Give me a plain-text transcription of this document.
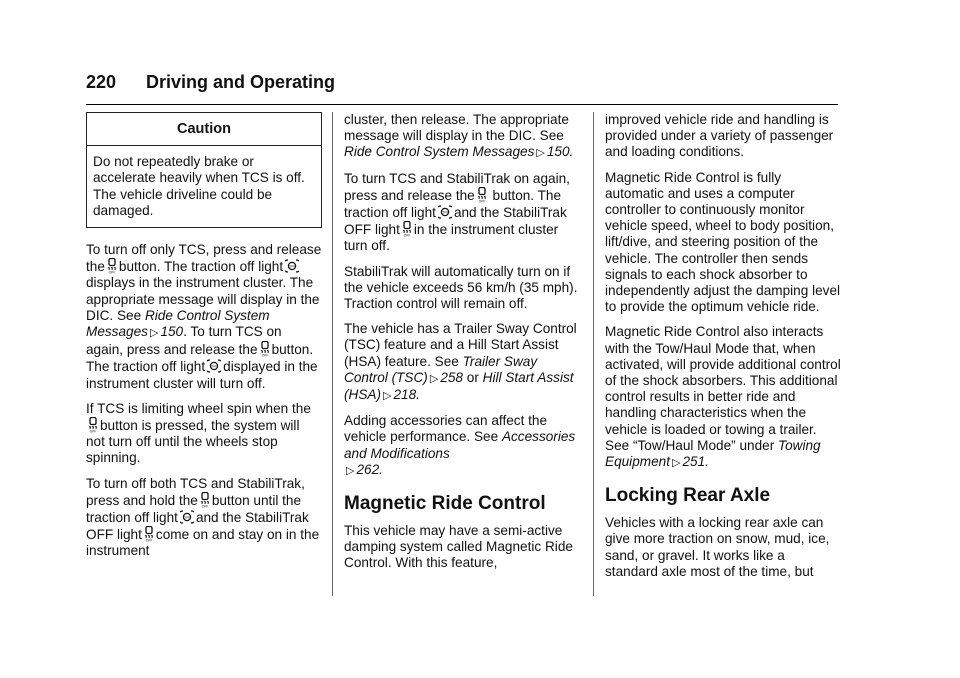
220 Driving and Operating
Caution
Do not repeatedly brake or accelerate heavily when TCS is off. The vehicle driveline could be damaged.

To turn off only TCS, press and release the OFF button. The traction off light OFF
displays in the instrument cluster. The appropriate message will display in the DIC. See Ride Control System Messages ▷ 150. To turn TCS on again, press and release the OFF button. The traction off light OFF displayed in the instrument cluster will turn off.

If TCS is limiting wheel spin when the
OFF button is pressed, the system will not turn off until the wheels stop spinning.

To turn off both TCS and StabiliTrak, press and hold the OFF button until the traction off light OFF and the StabiliTrak OFF light OFF come on and stay on in the instrument

cluster, then release. The appropriate message will display in the DIC. See Ride Control System Messages ▷ 150.

To turn TCS and StabiliTrak on again, press and release the OFF button. The traction off light OFF and the StabiliTrak OFF light OFF in the instrument cluster turn off.

StabiliTrak will automatically turn on if the vehicle exceeds 56 km/h (35 mph). Traction control will remain off.

The vehicle has a Trailer Sway Control (TSC) feature and a Hill Start Assist (HSA) feature. See Trailer Sway Control (TSC) ▷ 258 or Hill Start Assist (HSA) ▷ 218.

Adding accessories can affect the vehicle performance. See Accessories and Modifications
▷ 262.

Magnetic Ride Control

This vehicle may have a semi-active damping system called Magnetic Ride Control. With this feature,

improved vehicle ride and handling is provided under a variety of passenger and loading conditions.

Magnetic Ride Control is fully automatic and uses a computer controller to continuously monitor vehicle speed, wheel to body position, lift/dive, and steering position of the vehicle. The controller then sends signals to each shock absorber to independently adjust the damping level to provide the optimum vehicle ride.

Magnetic Ride Control also interacts with the Tow/Haul Mode that, when activated, will provide additional control of the shock absorbers. This additional control results in better ride and handling characteristics when the vehicle is loaded or towing a trailer. See “Tow/Haul Mode” under Towing Equipment ▷ 251.

Locking Rear Axle

Vehicles with a locking rear axle can give more traction on snow, mud, ice, sand, or gravel. It works like a standard axle most of the time, but
